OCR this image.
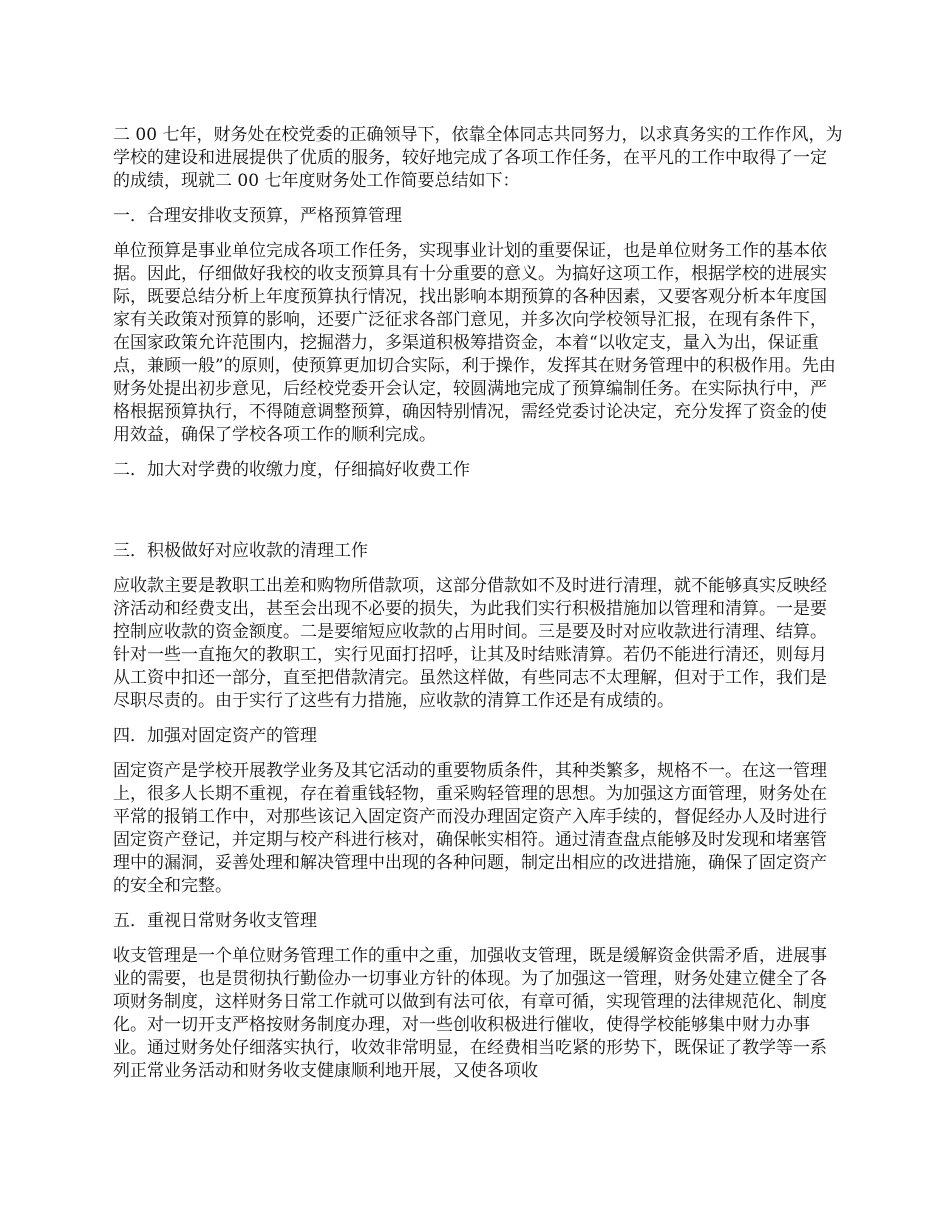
二 00 七年，财务处在校党委的正确领导下，依靠全体同志共同努力，以求真务实的工作作风，为学校的建设和进展提供了优质的服务，较好地完成了各项工作任务，在平凡的工作中取得了一定的成绩，现就二 00 七年度财务处工作简要总结如下：

一．合理安排收支预算，严格预算管理

单位预算是事业单位完成各项工作任务，实现事业计划的重要保证，也是单位财务工作的基本依据。因此，仔细做好我校的收支预算具有十分重要的意义。为搞好这项工作，根据学校的进展实际，既要总结分析上年度预算执行情况，找出影响本期预算的各种因素，又要客观分析本年度国家有关政策对预算的影响，还要广泛征求各部门意见，并多次向学校领导汇报，在现有条件下，在国家政策允许范围内，挖掘潜力，多渠道积极筹措资金，本着“以收定支，量入为出，保证重点，兼顾一般”的原则，使预算更加切合实际，利于操作，发挥其在财务管理中的积极作用。先由财务处提出初步意见，后经校党委开会认定，较圆满地完成了预算编制任务。在实际执行中，严格根据预算执行，不得随意调整预算，确因特别情况，需经党委讨论决定，充分发挥了资金的使用效益，确保了学校各项工作的顺利完成。

二．加大对学费的收缴力度，仔细搞好收费工作

三．积极做好对应收款的清理工作

应收款主要是教职工出差和购物所借款项，这部分借款如不及时进行清理，就不能够真实反映经济活动和经费支出，甚至会出现不必要的损失，为此我们实行积极措施加以管理和清算。一是要控制应收款的资金额度。二是要缩短应收款的占用时间。三是要及时对应收款进行清理、结算。针对一些一直拖欠的教职工，实行见面打招呼，让其及时结账清算。若仍不能进行清还，则每月从工资中扣还一部分，直至把借款清完。虽然这样做，有些同志不太理解，但对于工作，我们是尽职尽责的。由于实行了这些有力措施，应收款的清算工作还是有成绩的。

四．加强对固定资产的管理

固定资产是学校开展教学业务及其它活动的重要物质条件，其种类繁多，规格不一。在这一管理上，很多人长期不重视，存在着重钱轻物，重采购轻管理的思想。为加强这方面管理，财务处在平常的报销工作中，对那些该记入固定资产而没办理固定资产入库手续的，督促经办人及时进行固定资产登记，并定期与校产科进行核对，确保帐实相符。通过清查盘点能够及时发现和堵塞管理中的漏洞，妥善处理和解决管理中出现的各种问题，制定出相应的改进措施，确保了固定资产的安全和完整。

五．重视日常财务收支管理

收支管理是一个单位财务管理工作的重中之重，加强收支管理，既是缓解资金供需矛盾，进展事业的需要，也是贯彻执行勤俭办一切事业方针的体现。为了加强这一管理，财务处建立健全了各项财务制度，这样财务日常工作就可以做到有法可依，有章可循，实现管理的法律规范化、制度化。对一切开支严格按财务制度办理，对一些创收积极进行催收，使得学校能够集中财力办事业。通过财务处仔细落实执行，收效非常明显，在经费相当吃紧的形势下，既保证了教学等一系列正常业务活动和财务收支健康顺利地开展，又使各项收
